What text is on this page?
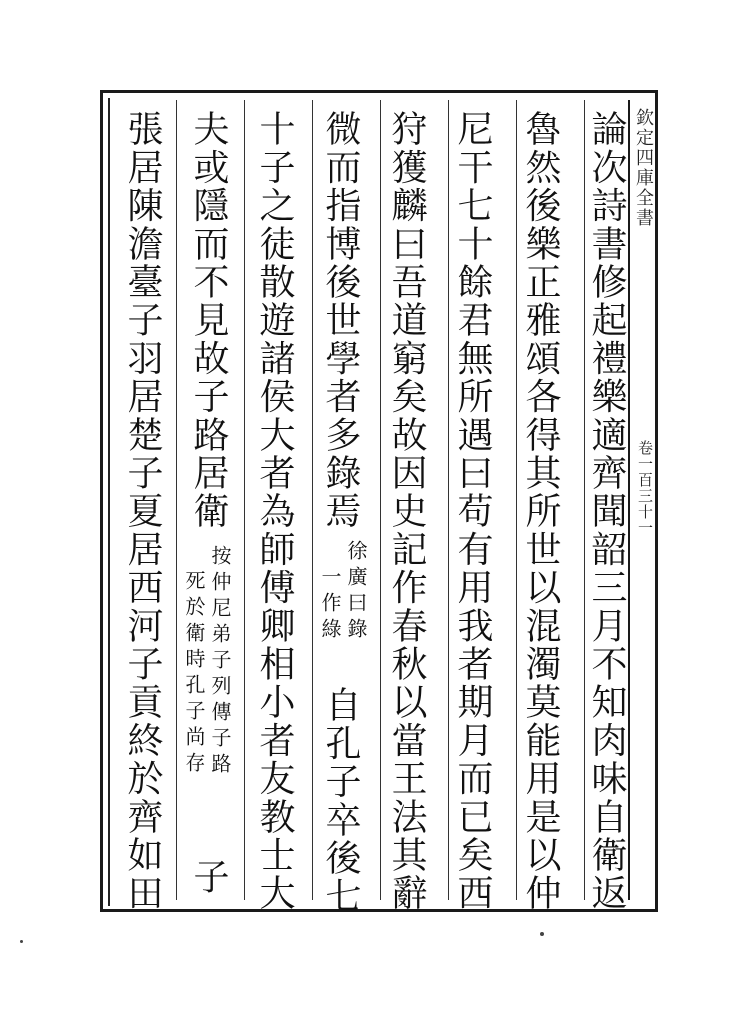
欽定四庫全書
卷一百三十一
論次詩書修起禮樂適齊聞韶三月不知肉味自衛返
魯然後樂正雅頌各得其所世以混濁莫能用是以仲
尼干七十餘君無所遇曰苟有用我者期月而已矣西
狩獲麟曰吾道窮矣故因史記作春秋以當王法其辭
微而指博後世學者多錄焉
徐廣曰錄
一作綠
自孔子卒後七
十子之徒散遊諸侯大者為師傅卿相小者友教士大
夫或隱而不見故子路居衛
按仲尼弟子列傳子路
死於衛時孔子尚存
子
張居陳澹臺子羽居楚子夏居西河子貢終於齊如田
